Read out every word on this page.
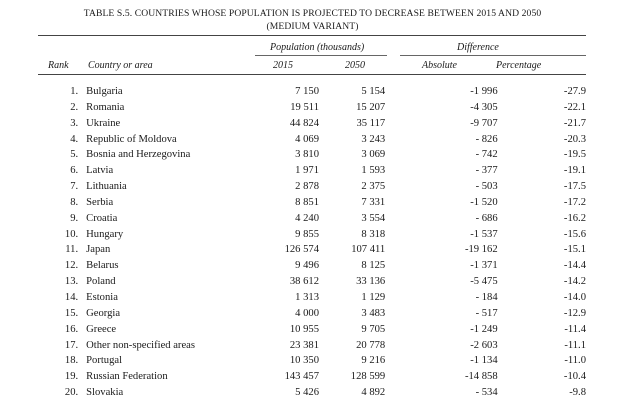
TABLE S.5. COUNTRIES WHOSE POPULATION IS PROJECTED TO DECREASE BETWEEN 2015 AND 2050
(MEDIUM VARIANT)
Population (thousands)	Difference
Rank Country or area	2015	2050	Absolute	Percentage
1.	Bulgaria	7 150	5 154	-1 996	-27.9
2.	Romania	19 511	15 207	-4 305	-22.1
3.	Ukraine	44 824	35 117	-9 707	-21.7
4.	Republic of Moldova	4 069	3 243	- 826	-20.3
5.	Bosnia and Herzegovina	3 810	3 069	- 742	-19.5
6.	Latvia	1 971	1 593	- 377	-19.1
7.	Lithuania	2 878	2 375	- 503	-17.5
8.	Serbia	8 851	7 331	-1 520	-17.2
9.	Croatia	4 240	3 554	- 686	-16.2
10.	Hungary	9 855	8 318	-1 537	-15.6
11.	Japan	126 574	107 411	-19 162	-15.1
12.	Belarus	9 496	8 125	-1 371	-14.4
13.	Poland	38 612	33 136	-5 475	-14.2
14.	Estonia	1 313	1 129	- 184	-14.0
15.	Georgia	4 000	3 483	- 517	-12.9
16.	Greece	10 955	9 705	-1 249	-11.4
17.	Other non-specified areas	23 381	20 778	-2 603	-11.1
18.	Portugal	10 350	9 216	-1 134	-11.0
19.	Russian Federation	143 457	128 599	-14 858	-10.4
20.	Slovakia	5 426	4 892	- 534	-9.8
